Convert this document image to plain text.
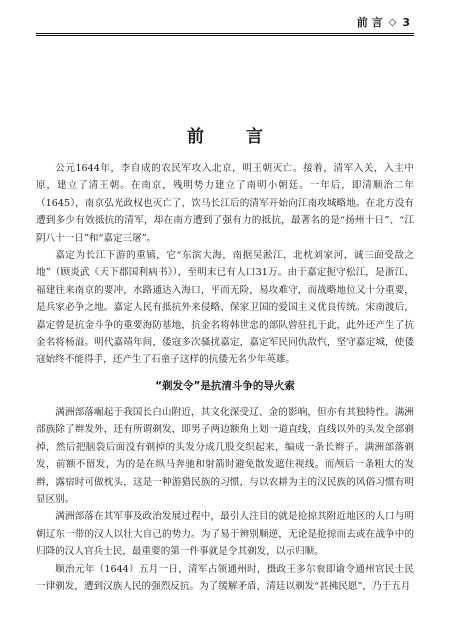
前 言 ◇ 3
前 言

公元1644年，李自成的农民军攻入北京，明王朝灭亡。接着，清军入关，入主中原，建立了清王朝。在南京，残明势力建立了南明小朝廷。一年后，即清顺治二年（1645），南京弘光政权也灭亡了，饮马长江后的清军开始向江南攻城略地。在北方没有遭到多少有效抵抗的清军，却在南方遭到了强有力的抵抗，最著名的是“扬州十日”、“江阴八十一日”和“嘉定三屠”。

嘉定为长江下游的重镇，它“东滨大海，南据吴淞江，北枕刘家河，诚三面受敌之地”（顾炎武《天下郡国利病书》），至明末已有人口31万。由于嘉定扼守松江，是浙江、福建往来南京的要冲，水路通达入海口，平而无险，易攻难守，而战略地位又十分重要，是兵家必争之地。嘉定人民有抵抗外来侵略、保家卫国的爱国主义优良传统。宋南渡后，嘉定曾是抗金斗争的重要海防基地，抗金名将韩世忠的部队曾驻扎于此，此外还产生了抗金名将杨溢。明代嘉靖年间，倭寇多次骚扰嘉定，嘉定军民同仇敌忾，坚守嘉定城，使倭寇始终不能得手，还产生了石童子这样的抗倭无名少年英雄。

“剃发令”是抗清斗争的导火索

满洲部落崛起于我国长白山附近，其文化深受辽、金的影响，但亦有其独特性。满洲部族除了辫发外，还有所谓剃发，即男子两边额角上划一道直线，直线以外的头发全部剃掉，然后把脑袋后面没有剃掉的头发分成几股交织起来，编成一条长辫子。满洲部落剃发，前额不留发，为的是在纵马奔驰和射箭时避免散发遮住视线。而颅后一条粗大的发辫，露宿时可做枕头，这是一种游猎民族的习惯，与以农耕为主的汉民族的风俗习惯有明显区别。

满洲部落在其军事及政治发展过程中，最引人注目的就是抢掠其附近地区的人口与明朝辽东一带的汉人以壮大自己的势力。为了易于辨别顺逆，无论是抢掠而去或在战争中的归降的汉人官兵士民，最重要的第一件事就是令其剃发，以示归顺。

顺治元年（1644）五月一日，清军占领通州时，摄政王多尔衮即谕令通州官民士民一律剃发，遭到汉族人民的强烈反抗。为了缓解矛盾，清廷以剃发“甚拂民愿”，乃于五月
